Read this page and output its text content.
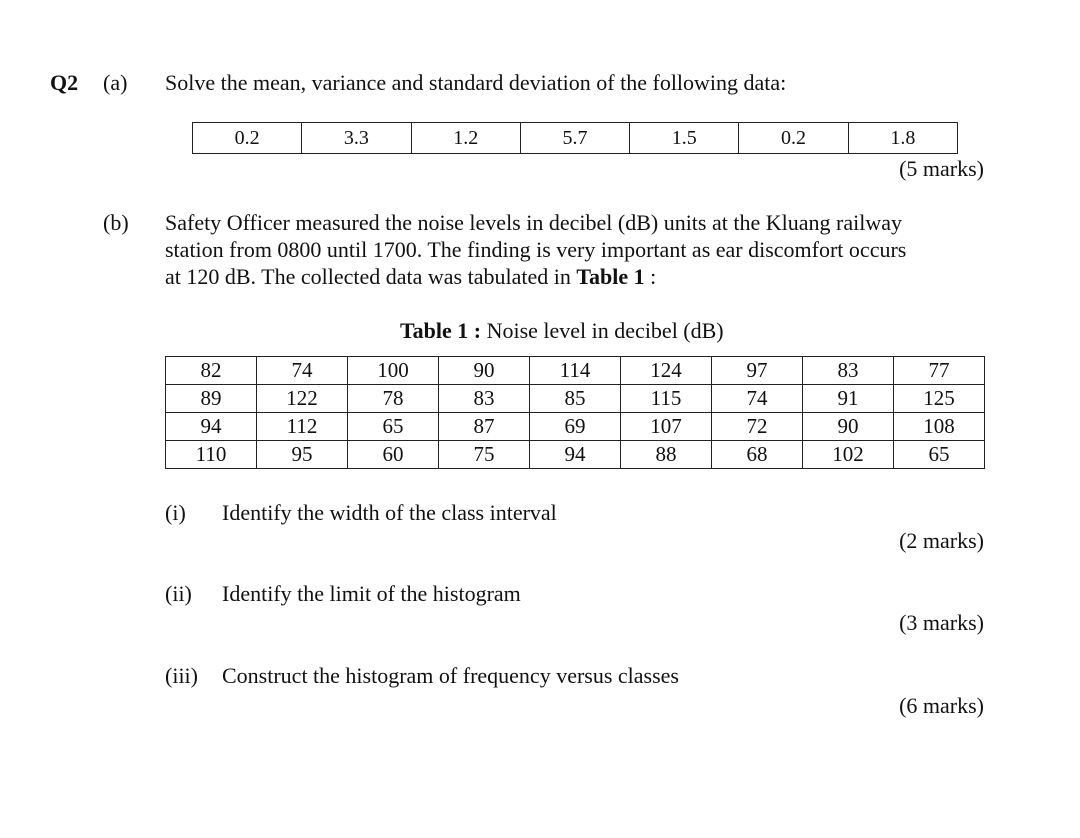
Q2 (a) Solve the mean, variance and standard deviation of the following data:
0.2	3.3	1.2	5.7	1.5	0.2	1.8
(5 marks)
(b) Safety Officer measured the noise levels in decibel (dB) units at the Kluang railway
station from 0800 until 1700. The finding is very important as ear discomfort occurs
at 120 dB. The collected data was tabulated in Table 1 :
Table 1 : Noise level in decibel (dB)
82	74	100	90	114	124	97	83	77
89	122	78	83	85	115	74	91	125
94	112	65	87	69	107	72	90	108
110	95	60	75	94	88	68	102	65
(i) Identify the width of the class interval
(2 marks)
(ii) Identify the limit of the histogram
(3 marks)
(iii) Construct the histogram of frequency versus classes
(6 marks)
